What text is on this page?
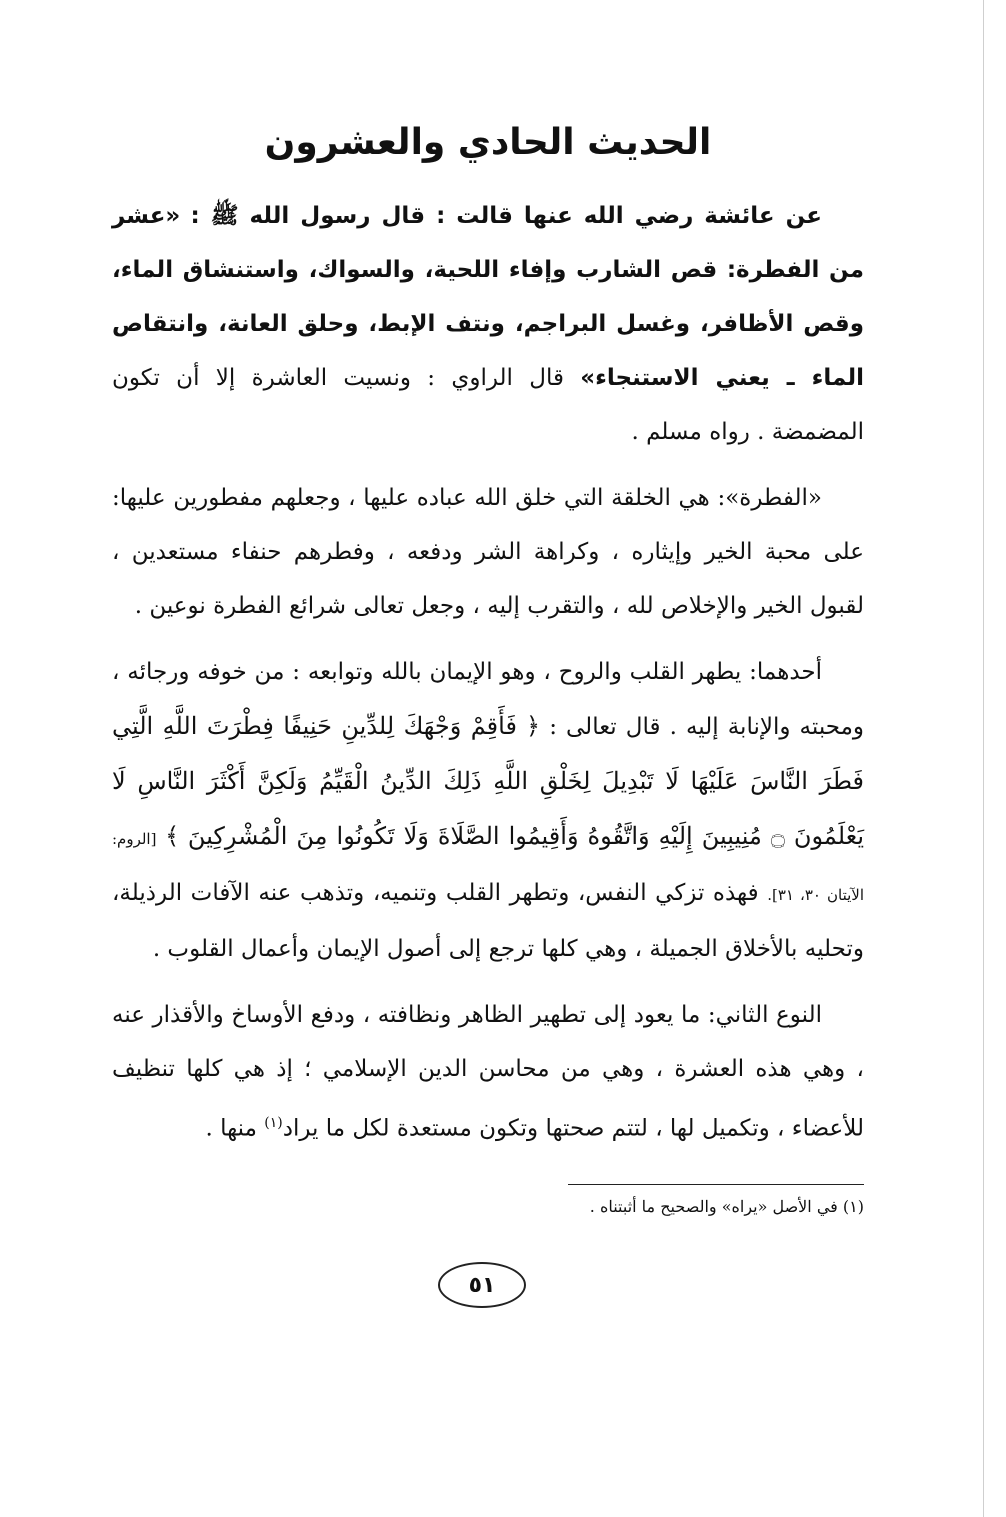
الحديث الحادي والعشرون

عن عائشة رضي الله عنها قالت : قال رسول الله ﷺ : «عشر من الفطرة: قص الشارب وإفاء اللحية، والسواك، واستنشاق الماء، وقص الأظافر، وغسل البراجم، ونتف الإبط، وحلق العانة، وانتقاص الماء ـ يعني الاستنجاء» قال الراوي : ونسيت العاشرة إلا أن تكون المضمضة . رواه مسلم .

«الفطرة»: هي الخلقة التي خلق الله عباده عليها ، وجعلهم مفطورين عليها: على محبة الخير وإيثاره ، وكراهة الشر ودفعه ، وفطرهم حنفاء مستعدين ، لقبول الخير والإخلاص لله ، والتقرب إليه ، وجعل تعالى شرائع الفطرة نوعين .

أحدهما: يطهر القلب والروح ، وهو الإيمان بالله وتوابعه : من خوفه ورجائه ، ومحبته والإنابة إليه . قال تعالى : ﴿ فَأَقِمْ وَجْهَكَ لِلدِّينِ حَنِيفًا فِطْرَتَ اللَّهِ الَّتِي فَطَرَ النَّاسَ عَلَيْهَا لَا تَبْدِيلَ لِخَلْقِ اللَّهِ ذَلِكَ الدِّينُ الْقَيِّمُ وَلَكِنَّ أَكْثَرَ النَّاسِ لَا يَعْلَمُونَ ۝ مُنِيبِينَ إِلَيْهِ وَاتَّقُوهُ وَأَقِيمُوا الصَّلَاةَ وَلَا تَكُونُوا مِنَ الْمُشْرِكِينَ ﴾ [الروم: الآيتان ٣٠، ٣١]. فهذه تزكي النفس، وتطهر القلب وتنميه، وتذهب عنه الآفات الرذيلة، وتحليه بالأخلاق الجميلة ، وهي كلها ترجع إلى أصول الإيمان وأعمال القلوب .

النوع الثاني: ما يعود إلى تطهير الظاهر ونظافته ، ودفع الأوساخ والأقذار عنه ، وهي هذه العشرة ، وهي من محاسن الدين الإسلامي ؛ إذ هي كلها تنظيف للأعضاء ، وتكميل لها ، لتتم صحتها وتكون مستعدة لكل ما يراد$^{(١)}$ منها .

(١) في الأصل «يراه» والصحيح ما أثبتناه .
٥١
